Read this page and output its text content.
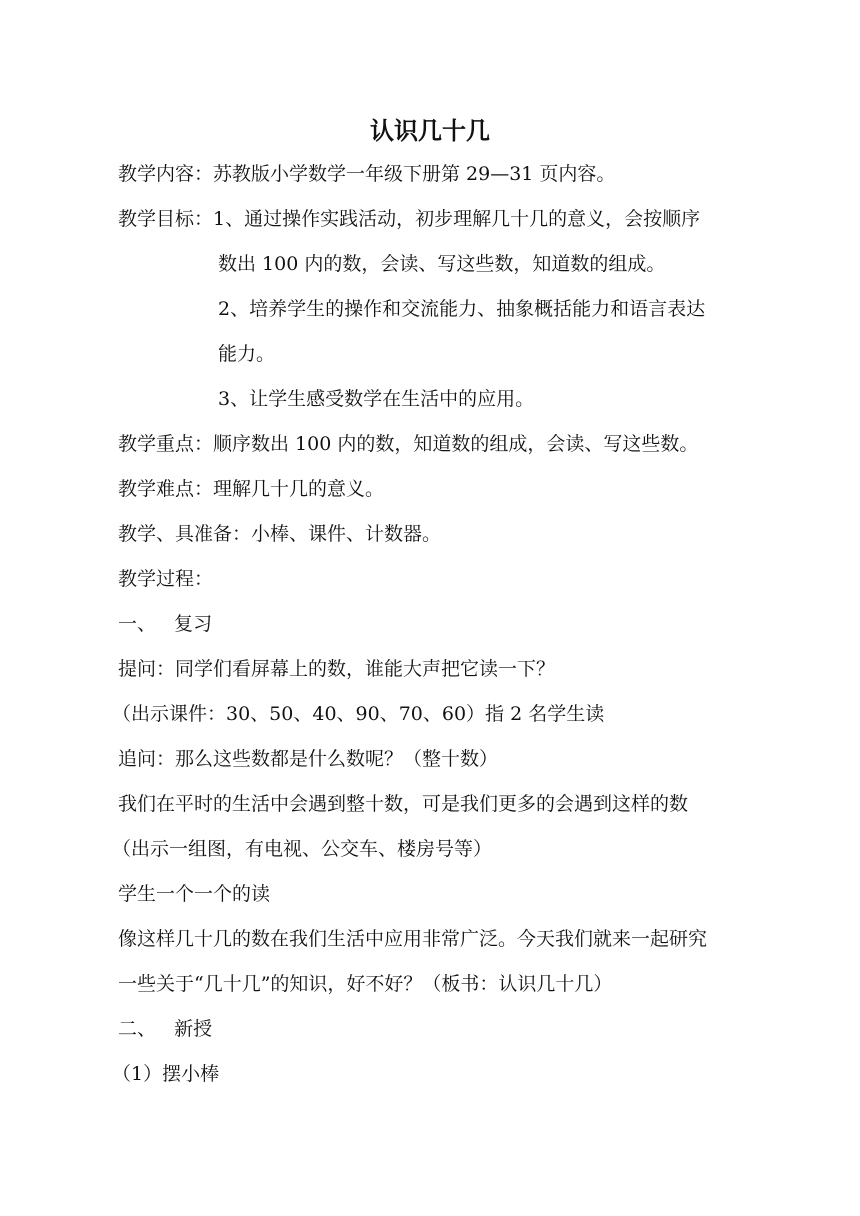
认识几十几
教学内容：苏教版小学数学一年级下册第 29—31 页内容。
教学目标：1、通过操作实践活动，初步理解几十几的意义，会按顺序
数出 100 内的数，会读、写这些数，知道数的组成。
2、培养学生的操作和交流能力、抽象概括能力和语言表达
能力。
3、让学生感受数学在生活中的应用。
教学重点：顺序数出 100 内的数，知道数的组成，会读、写这些数。
教学难点：理解几十几的意义。
教学、具准备：小棒、课件、计数器。
教学过程：
一、   复习
提问：同学们看屏幕上的数，谁能大声把它读一下？
（出示课件：30、50、40、90、70、60）指 2 名学生读
追问：那么这些数都是什么数呢？（整十数）
我们在平时的生活中会遇到整十数，可是我们更多的会遇到这样的数
（出示一组图，有电视、公交车、楼房号等）
学生一个一个的读
像这样几十几的数在我们生活中应用非常广泛。今天我们就来一起研究
一些关于“几十几”的知识，好不好？（板书：认识几十几）
二、   新授
（1）摆小棒
